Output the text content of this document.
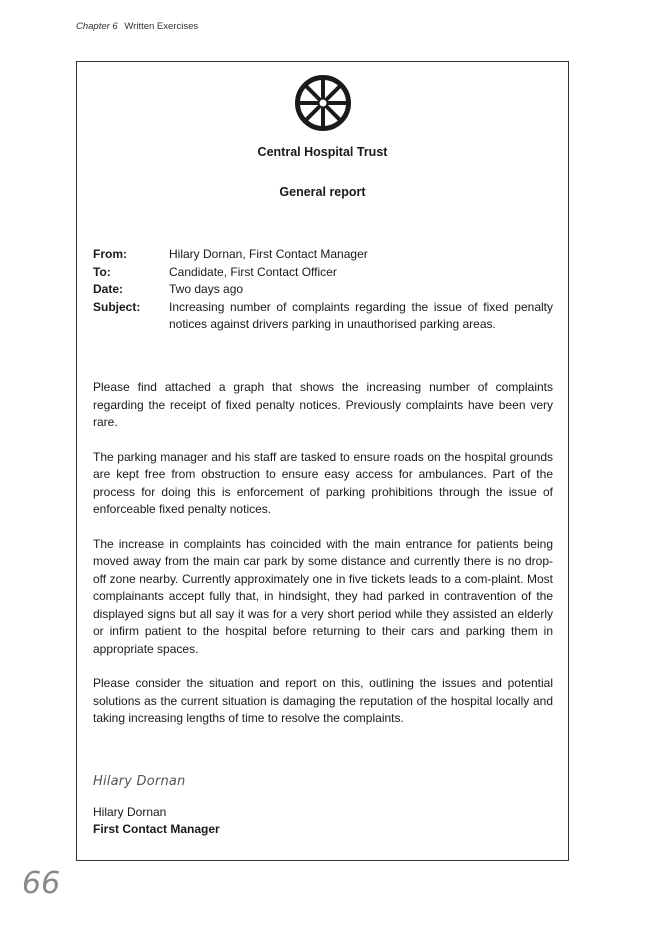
Chapter 6 Written Exercises
Central Hospital Trust
General report
From:	Hilary Dornan, First Contact Manager
To:	Candidate, First Contact Officer
Date:	Two days ago
Subject:	Increasing number of complaints regarding the issue of fixed penalty notices against drivers parking in unauthorised parking areas.

Please find attached a graph that shows the increasing number of complaints regarding the receipt of fixed penalty notices. Previously complaints have been very rare.

The parking manager and his staff are tasked to ensure roads on the hospital grounds are kept free from obstruction to ensure easy access for ambulances. Part of the process for doing this is enforcement of parking prohibitions through the issue of enforceable fixed penalty notices.

The increase in complaints has coincided with the main entrance for patients being moved away from the main car park by some distance and currently there is no drop-off zone nearby. Currently approximately one in five tickets leads to a com-plaint. Most complainants accept fully that, in hindsight, they had parked in contravention of the displayed signs but all say it was for a very short period while they assisted an elderly or infirm patient to the hospital before returning to their cars and parking them in appropriate spaces.

Please consider the situation and report on this, outlining the issues and potential solutions as the current situation is damaging the reputation of the hospital locally and taking increasing lengths of time to resolve the complaints.

Hilary Dornan
Hilary Dornan
First Contact Manager
66
